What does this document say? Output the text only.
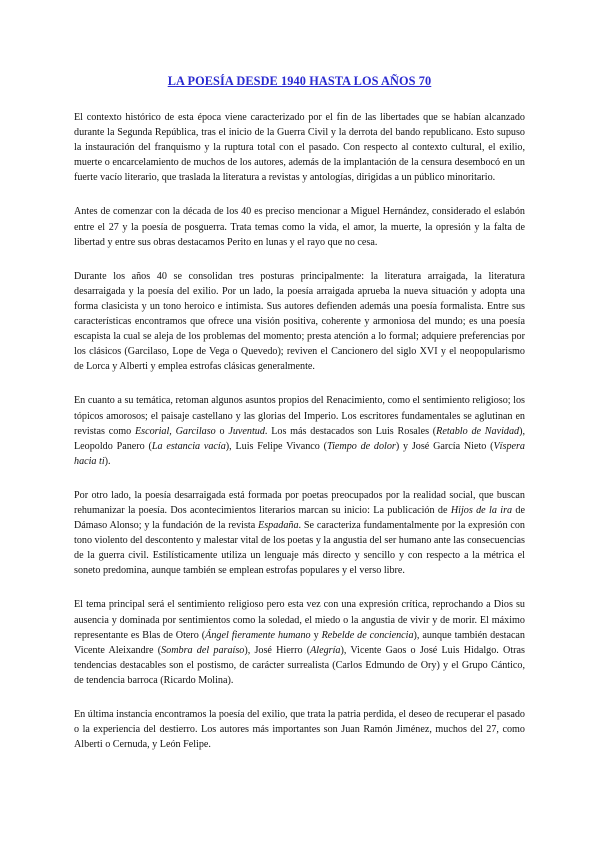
LA POESÍA DESDE 1940 HASTA LOS AÑOS 70

El contexto histórico de esta época viene caracterizado por el fin de las libertades que se habían alcanzado durante la Segunda República, tras el inicio de la Guerra Civil y la derrota del bando republicano. Esto supuso la instauración del franquismo y la ruptura total con el pasado. Con respecto al contexto cultural, el exilio, muerte o encarcelamiento de muchos de los autores, además de la implantación de la censura desembocó en un fuerte vacío literario, que traslada la literatura a revistas y antologías, dirigidas a un público minoritario.

Antes de comenzar con la década de los 40 es preciso mencionar a Miguel Hernández, considerado el eslabón entre el 27 y la poesía de posguerra. Trata temas como la vida, el amor, la muerte, la opresión y la falta de libertad y entre sus obras destacamos Perito en lunas y el rayo que no cesa.

Durante los años 40 se consolidan tres posturas principalmente: la literatura arraigada, la literatura desarraigada y la poesía del exilio. Por un lado, la poesía arraigada aprueba la nueva situación y adopta una forma clasicista y un tono heroico e intimista. Sus autores defienden además una poesía formalista. Entre sus características encontramos que ofrece una visión positiva, coherente y armoniosa del mundo; es una poesía escapista la cual se aleja de los problemas del momento; presta atención a lo formal; adquiere preferencias por los clásicos (Garcilaso, Lope de Vega o Quevedo); reviven el Cancionero del siglo XVI y el neopopularismo de Lorca y Alberti y emplea estrofas clásicas generalmente.

En cuanto a su temática, retoman algunos asuntos propios del Renacimiento, como el sentimiento religioso; los tópicos amorosos; el paisaje castellano y las glorias del Imperio. Los escritores fundamentales se aglutinan en revistas como Escorial, Garcilaso o Juventud. Los más destacados son Luis Rosales (Retablo de Navidad), Leopoldo Panero (La estancia vacía), Luis Felipe Vivanco (Tiempo de dolor) y José García Nieto (Víspera hacia ti).

Por otro lado, la poesía desarraigada está formada por poetas preocupados por la realidad social, que buscan rehumanizar la poesía. Dos acontecimientos literarios marcan su inicio: La publicación de Hijos de la ira de Dámaso Alonso; y la fundación de la revista Espadaña. Se caracteriza fundamentalmente por la expresión con tono violento del descontento y malestar vital de los poetas y la angustia del ser humano ante las consecuencias de la guerra civil. Estilísticamente utiliza un lenguaje más directo y sencillo y con respecto a la métrica el soneto predomina, aunque también se emplean estrofas populares y el verso libre.

El tema principal será el sentimiento religioso pero esta vez con una expresión crítica, reprochando a Dios su ausencia y dominada por sentimientos como la soledad, el miedo o la angustia de vivir y de morir. El máximo representante es Blas de Otero (Ángel fieramente humano y Rebelde de conciencia), aunque también destacan Vicente Aleixandre (Sombra del paraíso), José Hierro (Alegría), Vicente Gaos o José Luis Hidalgo. Otras tendencias destacables son el postismo, de carácter surrealista (Carlos Edmundo de Ory) y el Grupo Cántico, de tendencia barroca (Ricardo Molina).

En última instancia encontramos la poesía del exilio, que trata la patria perdida, el deseo de recuperar el pasado o la experiencia del destierro. Los autores más importantes son Juan Ramón Jiménez, muchos del 27, como Alberti o Cernuda, y León Felipe.
